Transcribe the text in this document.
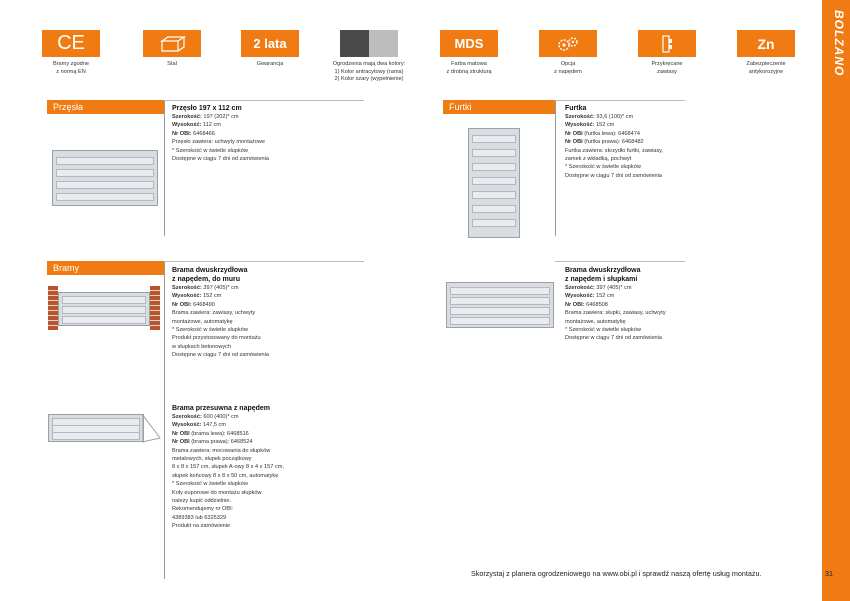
BOLZANO
CE
Bramy zgodne
z normą EN
Stal
2 lata
Gwarancja	Ogrodzenia mają dwa kolory:
1) Kolor antracytowy (rama)
2) Kolor szary (wypełnienie)
MDS
Farba matowa
z drobną strukturą
Opcja
z napędem
Przykręcane
zawiasy
Zn
Zabezpieczenie
antykorozyjne
Przęsła	Furtki
Bramy
Przęsło 197 x 112 cm
Szerokość: 197 (202)* cm
Wysokość: 112 cm
Nr OBI: 6468466
Przęsło zawiera: uchwyty montażowe
* Szerokość w świetle słupków
Dostępne w ciągu 7 dni od zamówienia
Furtka
Szerokość: 93,6 (100)* cm
Wysokość: 152 cm
Nr OBI (furtka lewa): 6468474
Nr OBI (furtka prawa): 6468482
Furtka zawiera: skrzydło furtki, zawiasy,
zamek z wkładką, pochwyt
* Szerokość w świetle słupków
Dostępne w ciągu 7 dni od zamówienia
Brama dwuskrzydłowa
z napędem, do muru
Szerokość: 397 (405)* cm
Wysokość: 152 cm
Nr OBI: 6468490
Brama zawiera: zawiasy, uchwyty
montażowe, automatykę
* Szerokość w świetle słupków
Produkt przystosowany do montażu
w słupkach betonowych
Dostępne w ciągu 7 dni od zamówienia
Brama dwuskrzydłowa
z napędem i słupkami
Szerokość: 397 (405)* cm
Wysokość: 152 cm
Nr OBI: 6468508
Brama zawiera: słupki, zawiasy, uchwyty
montażowe, automatykę
* Szerokość w świetle słupków
Dostępne w ciągu 7 dni od zamówienia
Brama przesuwna z napędem
Szerokość: 600 (400)* cm
Wysokość: 147,5 cm
Nr OBI (brama lewa): 6468516
Nr OBI (brama prawa): 6468524
Brama zawiera: mocowania do słupków
metalowych, słupek początkowy
8 x 8 x 157 cm, słupek A-owy 8 x 4 x 157 cm,
słupek końcowy 8 x 8 x 50 cm, automatykę
* Szerokość w świetle słupków
Koły euporowe do montażu słupków
należy kupić oddzielnie.
Rekomendujemy nr OBI:
4389383 lub 6325329
Produkt na zamówienie
Skorzystaj z planera ogrodzeniowego na www.obi.pl i sprawdź naszą ofertę usług montażu.	31
